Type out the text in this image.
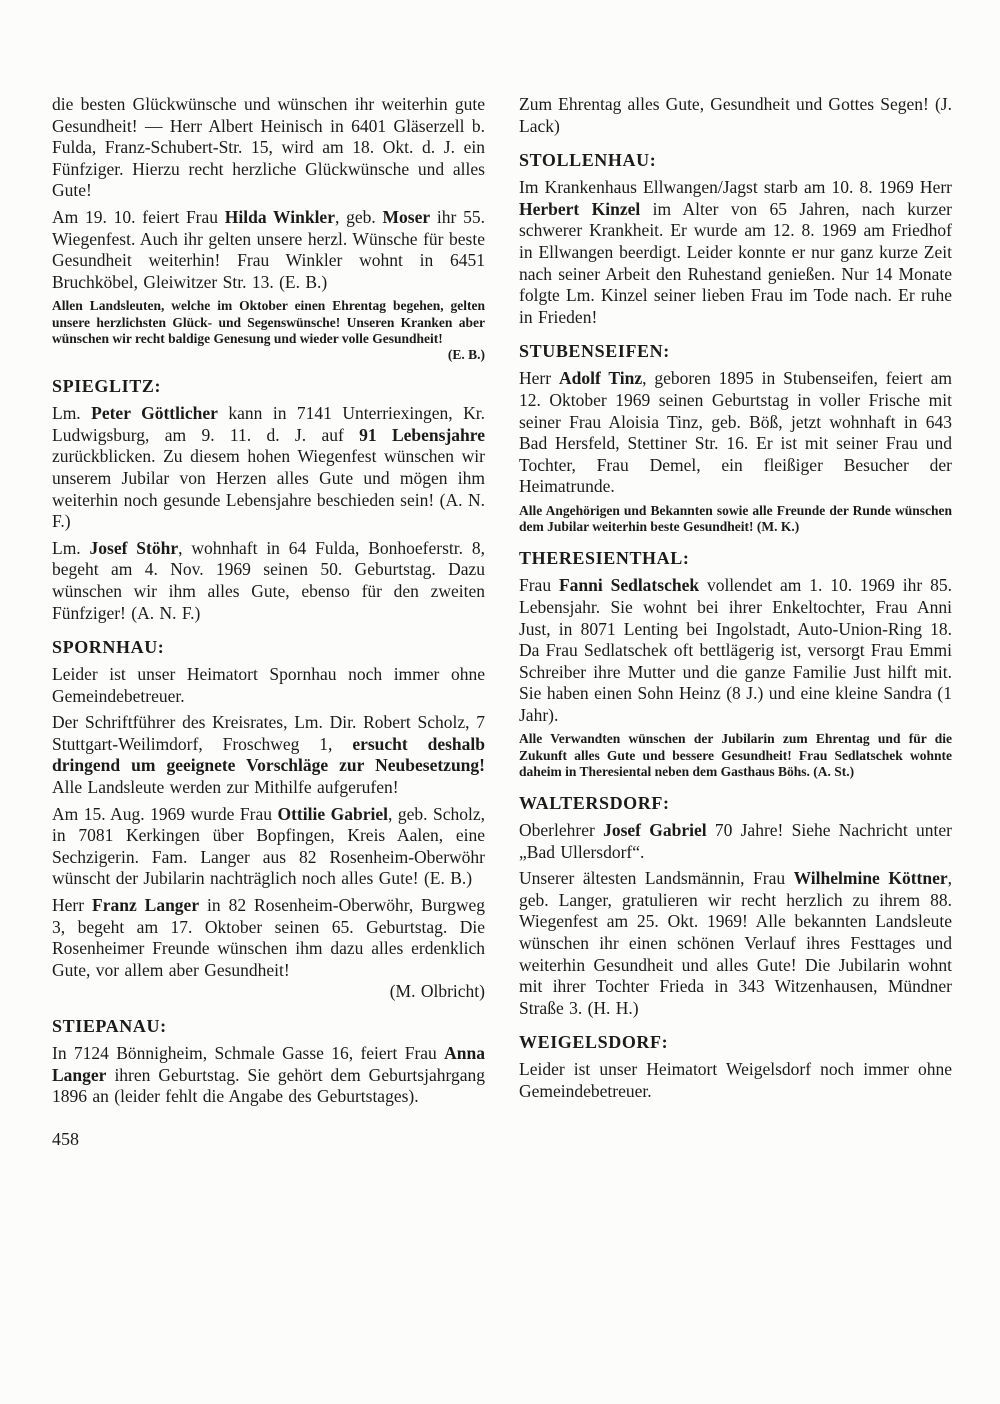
die besten Glückwünsche und wünschen ihr weiterhin gute Gesundheit! — Herr Albert Heinisch in 6401 Gläserzell b. Fulda, Franz-Schubert-Str. 15, wird am 18. Okt. d. J. ein Fünfziger. Hierzu recht herzliche Glückwünsche und alles Gute!
Am 19. 10. feiert Frau Hilda Winkler, geb. Moser ihr 55. Wiegenfest. Auch ihr gelten unsere herzl. Wünsche für beste Gesundheit weiterhin! Frau Winkler wohnt in 6451 Bruchköbel, Gleiwitzer Str. 13. (E. B.)
Allen Landsleuten, welche im Oktober einen Ehrentag begehen, gelten unsere herzlichsten Glück- und Segenswünsche! Unseren Kranken aber wünschen wir recht baldige Genesung und wieder volle Gesundheit!
(E. B.)
SPIEGLITZ:
Lm. Peter Göttlicher kann in 7141 Unterriexingen, Kr. Ludwigsburg, am 9. 11. d. J. auf 91 Lebensjahre zurückblicken. Zu diesem hohen Wiegenfest wünschen wir unserem Jubilar von Herzen alles Gute und mögen ihm weiterhin noch gesunde Lebensjahre beschieden sein! (A. N. F.)
Lm. Josef Stöhr, wohnhaft in 64 Fulda, Bonhoeferstr. 8, begeht am 4. Nov. 1969 seinen 50. Geburtstag. Dazu wünschen wir ihm alles Gute, ebenso für den zweiten Fünfziger! (A. N. F.)
SPORNHAU:
Leider ist unser Heimatort Spornhau noch immer ohne Gemeindebetreuer.
Der Schriftführer des Kreisrates, Lm. Dir. Robert Scholz, 7 Stuttgart-Weilimdorf, Froschweg 1, ersucht deshalb dringend um geeignete Vorschläge zur Neubesetzung! Alle Landsleute werden zur Mithilfe aufgerufen!
Am 15. Aug. 1969 wurde Frau Ottilie Gabriel, geb. Scholz, in 7081 Kerkingen über Bopfingen, Kreis Aalen, eine Sechzigerin. Fam. Langer aus 82 Rosenheim-Oberwöhr wünscht der Jubilarin nachträglich noch alles Gute! (E. B.)
Herr Franz Langer in 82 Rosenheim-Oberwöhr, Burgweg 3, begeht am 17. Oktober seinen 65. Geburtstag. Die Rosenheimer Freunde wünschen ihm dazu alles erdenklich Gute, vor allem aber Gesundheit!
(M. Olbricht)
STIEPANAU:
In 7124 Bönnigheim, Schmale Gasse 16, feiert Frau Anna Langer ihren Geburtstag. Sie gehört dem Geburtsjahrgang 1896 an (leider fehlt die Angabe des Geburtstages).
Zum Ehrentag alles Gute, Gesundheit und Gottes Segen! (J. Lack)
STOLLENHAU:
Im Krankenhaus Ellwangen/Jagst starb am 10. 8. 1969 Herr Herbert Kinzel im Alter von 65 Jahren, nach kurzer schwerer Krankheit. Er wurde am 12. 8. 1969 am Friedhof in Ellwangen beerdigt. Leider konnte er nur ganz kurze Zeit nach seiner Arbeit den Ruhestand genießen. Nur 14 Monate folgte Lm. Kinzel seiner lieben Frau im Tode nach. Er ruhe in Frieden!
STUBENSEIFEN:
Herr Adolf Tinz, geboren 1895 in Stubenseifen, feiert am 12. Oktober 1969 seinen Geburtstag in voller Frische mit seiner Frau Aloisia Tinz, geb. Böß, jetzt wohnhaft in 643 Bad Hersfeld, Stettiner Str. 16. Er ist mit seiner Frau und Tochter, Frau Demel, ein fleißiger Besucher der Heimatrunde.
Alle Angehörigen und Bekannten sowie alle Freunde der Runde wünschen dem Jubilar weiterhin beste Gesundheit! (M. K.)
THERESIENTHAL:
Frau Fanni Sedlatschek vollendet am 1. 10. 1969 ihr 85. Lebensjahr. Sie wohnt bei ihrer Enkeltochter, Frau Anni Just, in 8071 Lenting bei Ingolstadt, Auto-Union-Ring 18. Da Frau Sedlatschek oft bettlägerig ist, versorgt Frau Emmi Schreiber ihre Mutter und die ganze Familie Just hilft mit. Sie haben einen Sohn Heinz (8 J.) und eine kleine Sandra (1 Jahr).
Alle Verwandten wünschen der Jubilarin zum Ehrentag und für die Zukunft alles Gute und bessere Gesundheit! Frau Sedlatschek wohnte daheim in Theresiental neben dem Gasthaus Böhs. (A. St.)
WALTERSDORF:
Oberlehrer Josef Gabriel 70 Jahre! Siehe Nachricht unter „Bad Ullersdorf“.
Unserer ältesten Landsmännin, Frau Wilhelmine Köttner, geb. Langer, gratulieren wir recht herzlich zu ihrem 88. Wiegenfest am 25. Okt. 1969! Alle bekannten Landsleute wünschen ihr einen schönen Verlauf ihres Festtages und weiterhin Gesundheit und alles Gute! Die Jubilarin wohnt mit ihrer Tochter Frieda in 343 Witzenhausen, Mündner Straße 3. (H. H.)
WEIGELSDORF:
Leider ist unser Heimatort Weigelsdorf noch immer ohne Gemeindebetreuer.
458
